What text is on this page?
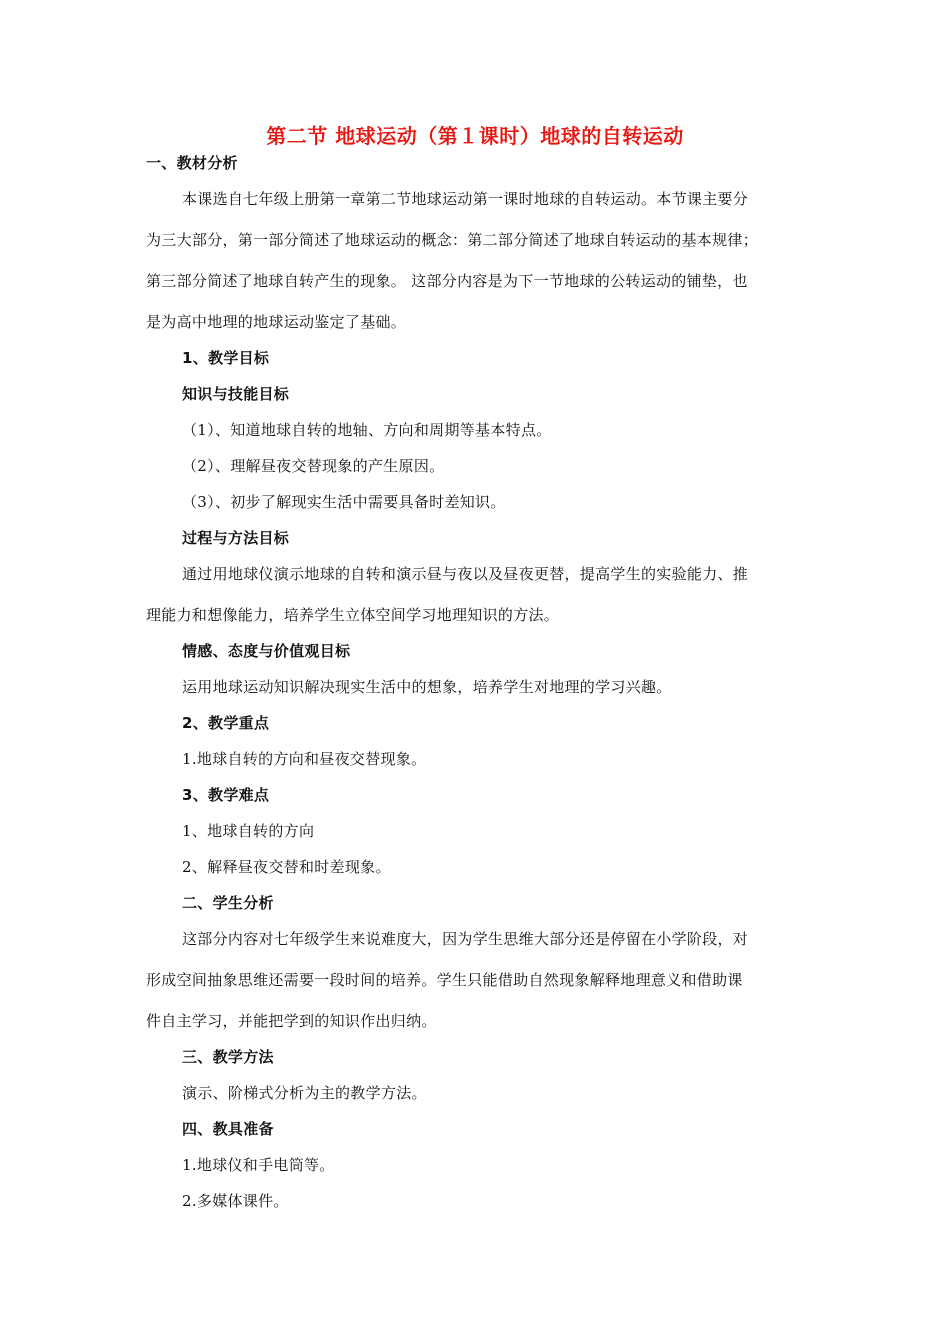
第二节 地球运动（第１课时）地球的自转运动
一、教材分析
本课选自七年级上册第一章第二节地球运动第一课时地球的自转运动。本节课主要分
为三大部分，第一部分简述了地球运动的概念：第二部分简述了地球自转运动的基本规律；
第三部分简述了地球自转产生的现象。 这部分内容是为下一节地球的公转运动的铺垫，也
是为高中地理的地球运动鉴定了基础。
1、教学目标
知识与技能目标
（1）、知道地球自转的地轴、方向和周期等基本特点。
（2）、理解昼夜交替现象的产生原因。
（3）、初步了解现实生活中需要具备时差知识。
过程与方法目标
通过用地球仪演示地球的自转和演示昼与夜以及昼夜更替，提高学生的实验能力、推
理能力和想像能力，培养学生立体空间学习地理知识的方法。
情感、态度与价值观目标
运用地球运动知识解决现实生活中的想象，培养学生对地理的学习兴趣。
2、教学重点
1.地球自转的方向和昼夜交替现象。
3、教学难点
1、地球自转的方向
2、解释昼夜交替和时差现象。
二、学生分析
这部分内容对七年级学生来说难度大，因为学生思维大部分还是停留在小学阶段，对
形成空间抽象思维还需要一段时间的培养。学生只能借助自然现象解释地理意义和借助课
件自主学习，并能把学到的知识作出归纳。
三、教学方法
演示、阶梯式分析为主的教学方法。
四、教具准备
1.地球仪和手电筒等。
2.多媒体课件。
